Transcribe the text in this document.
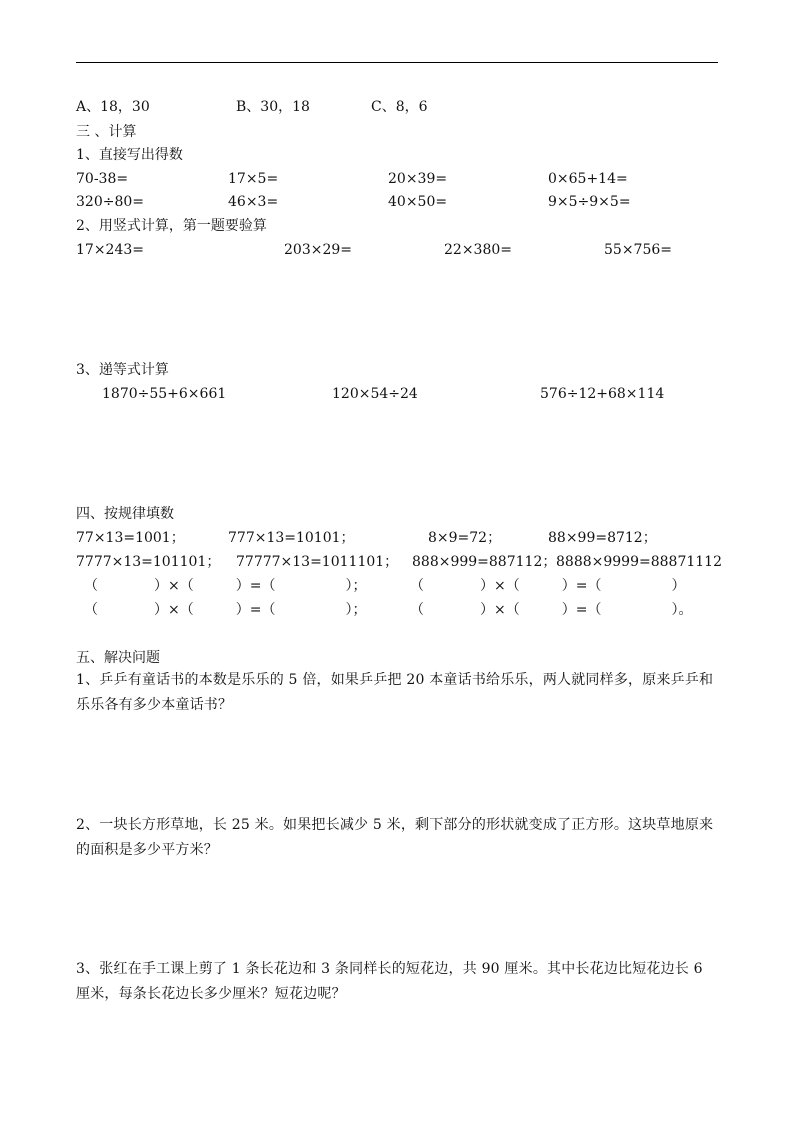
A、18，30	B、30，18	C、8，6
三 、计算
1、直接写出得数
70-38=	17×5=	20×39=	0×65+14=
320÷80=	46×3=	40×50=	9×5÷9×5=
2、用竖式计算，第一题要验算
17×243=	203×29=	22×380=	55×756=
3、递等式计算
1870÷55+6×661	120×54÷24	576÷12+68×114
四、按规律填数
77×13=1001；	777×13=10101；	8×9=72；	88×99=8712；
7777×13=101101； 77777×13=1011101； 888×999=887112； 8888×9999=88871112
（　　　　）×（　　　）=（　　　　　）；	（　　　　）×（　　　）=（　　　　　）
（　　　　）×（　　　）=（　　　　　）；	（　　　　）×（　　　）=（　　　　　）。
五、解决问题
1、乒乒有童话书的本数是乐乐的 5 倍，如果乒乒把 20 本童话书给乐乐，两人就同样多，原来乒乒和乐乐各有多少本童话书？
2、一块长方形草地，长 25 米。如果把长减少 5 米，剩下部分的形状就变成了正方形。这块草地原来的面积是多少平方米？
3、张红在手工课上剪了 1 条长花边和 3 条同样长的短花边，共 90 厘米。其中长花边比短花边长 6 厘米，每条长花边长多少厘米？短花边呢？
